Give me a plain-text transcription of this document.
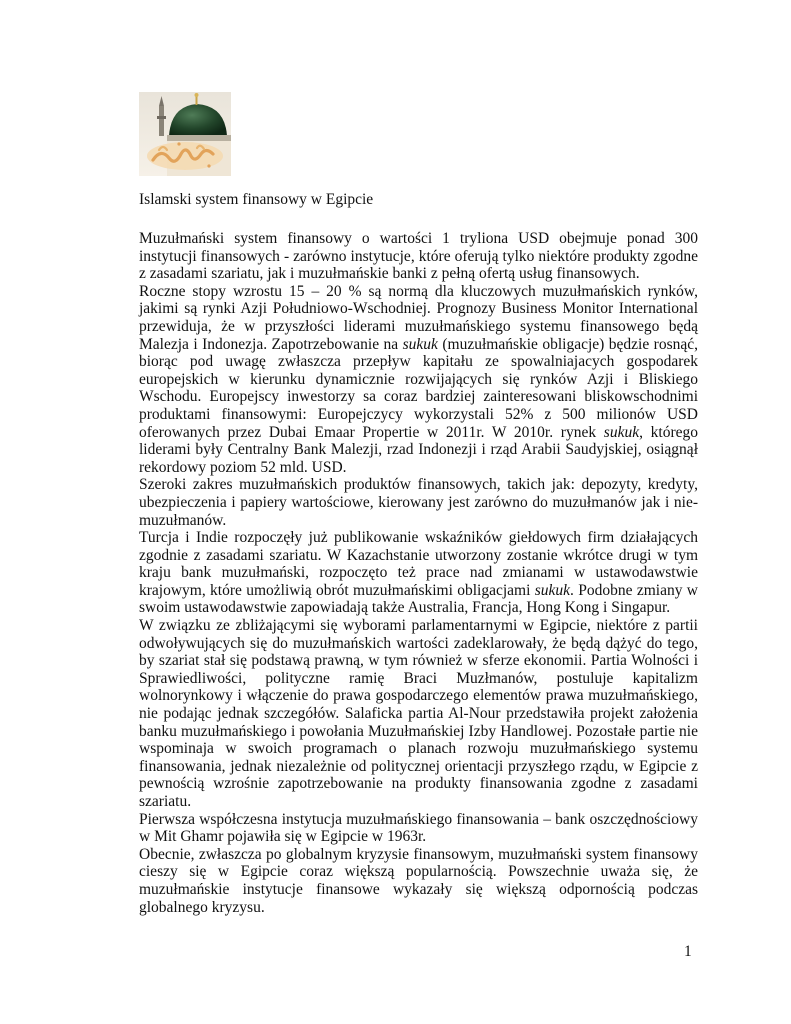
Islamski system finansowy w Egipcie

Muzułmański system finansowy o wartości 1 tryliona USD obejmuje ponad 300 instytucji finansowych - zarówno instytucje, które oferują tylko niektóre produkty zgodne z zasadami szariatu, jak i muzułmańskie banki z pełną ofertą usług finansowych.

Roczne stopy wzrostu 15 – 20 % są normą dla kluczowych muzułmańskich rynków, jakimi są rynki Azji Południowo-Wschodniej. Prognozy Business Monitor International przewiduja, że w przyszłości liderami muzułmańskiego systemu finansowego będą Malezja i Indonezja. Zapotrzebowanie na sukuk (muzułmańskie obligacje) będzie rosnąć, biorąc pod uwagę zwłaszcza przepływ kapitału ze spowalniajacych gospodarek europejskich w kierunku dynamicznie rozwijających się rynków Azji i Bliskiego Wschodu. Europejscy inwestorzy sa coraz bardziej zainteresowani bliskowschodnimi produktami finansowymi: Europejczycy wykorzystali 52% z 500 milionów USD oferowanych przez Dubai Emaar Propertie w 2011r. W 2010r. rynek sukuk, którego liderami były Centralny Bank Malezji, rzad Indonezji i rząd Arabii Saudyjskiej, osiągnął rekordowy poziom 52 mld. USD.

Szeroki zakres muzułmańskich produktów finansowych, takich jak: depozyty, kredyty, ubezpieczenia i papiery wartościowe, kierowany jest zarówno do muzułmanów jak i nie-muzułmanów.

Turcja i Indie rozpoczęły już publikowanie wskaźników giełdowych firm działających zgodnie z zasadami szariatu. W Kazachstanie utworzony zostanie wkrótce drugi w tym kraju bank muzułmański, rozpoczęto też prace nad zmianami w ustawodawstwie krajowym, które umożliwią obrót muzułmańskimi obligacjami sukuk. Podobne zmiany w swoim ustawodawstwie zapowiadają także Australia, Francja, Hong Kong i Singapur.

W związku ze zbliżającymi się wyborami parlamentarnymi w Egipcie, niektóre z partii odwoływujących się do muzułmańskich wartości zadeklarowały, że będą dążyć do tego, by szariat stał się podstawą prawną, w tym również w sferze ekonomii. Partia Wolności i Sprawiedliwości, polityczne ramię Braci Muzłmanów, postuluje kapitalizm wolnorynkowy i włączenie do prawa gospodarczego elementów prawa muzułmańskiego, nie podając jednak szczegółów. Salaficka partia Al-Nour przedstawiła projekt założenia banku muzułmańskiego i powołania Muzułmańskiej Izby Handlowej. Pozostałe partie nie wspominaja w swoich programach o planach rozwoju muzułmańskiego systemu finansowania, jednak niezależnie od politycznej orientacji przyszłego rządu, w Egipcie z pewnością wzrośnie zapotrzebowanie na produkty finansowania zgodne z zasadami szariatu.

Pierwsza współczesna instytucja muzułmańskiego finansowania – bank oszczędnościowy w Mit Ghamr pojawiła się w Egipcie w 1963r.

Obecnie, zwłaszcza po globalnym kryzysie finansowym, muzułmański system finansowy cieszy się w Egipcie coraz większą popularnością. Powszechnie uważa się, że muzułmańskie instytucje finansowe wykazały się większą odpornością podczas globalnego kryzysu.

1
